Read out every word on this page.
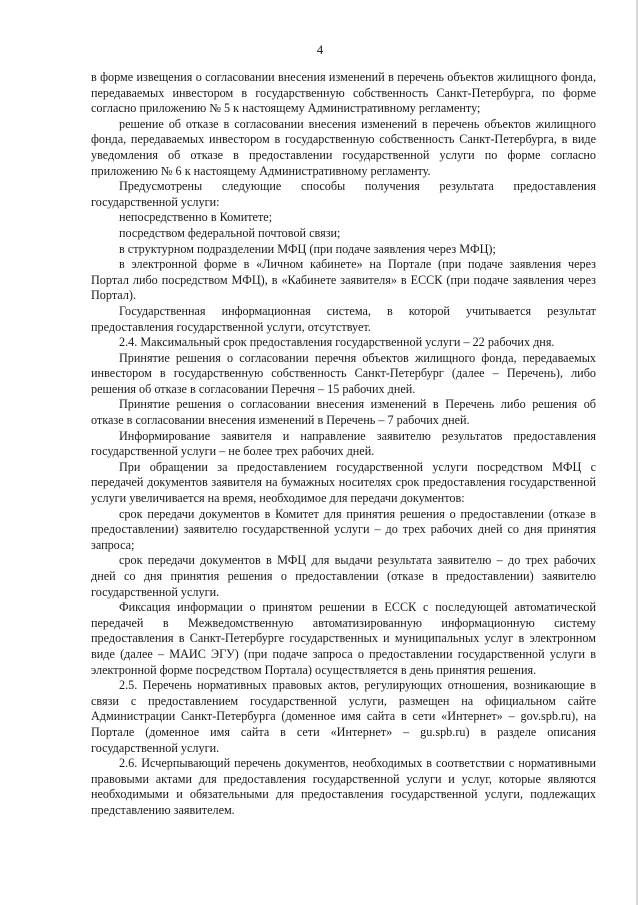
4

в форме извещения о согласовании внесения изменений в перечень объектов жилищного фонда, передаваемых инвестором в государственную собственность Санкт-Петербурга, по форме согласно приложению № 5 к настоящему Административному регламенту;

решение об отказе в согласовании внесения изменений в перечень объектов жилищного фонда, передаваемых инвестором в государственную собственность Санкт-Петербурга, в виде уведомления об отказе в предоставлении государственной услуги по форме согласно приложению № 6 к настоящему Административному регламенту.

Предусмотрены следующие способы получения результата предоставления государственной услуги:

непосредственно в Комитете;

посредством федеральной почтовой связи;

в структурном подразделении МФЦ (при подаче заявления через МФЦ);

в электронной форме в «Личном кабинете» на Портале (при подаче заявления через Портал либо посредством МФЦ), в «Кабинете заявителя» в ЕССК (при подаче заявления через Портал).

Государственная информационная система, в которой учитывается результат предоставления государственной услуги, отсутствует.

2.4. Максимальный срок предоставления государственной услуги – 22 рабочих дня.

Принятие решения о согласовании перечня объектов жилищного фонда, передаваемых инвестором в государственную собственность Санкт-Петербург (далее – Перечень), либо решения об отказе в согласовании Перечня – 15 рабочих дней.

Принятие решения о согласовании внесения изменений в Перечень либо решения об отказе в согласовании внесения изменений в Перечень – 7 рабочих дней.

Информирование заявителя и направление заявителю результатов предоставления государственной услуги – не более трех рабочих дней.

При обращении за предоставлением государственной услуги посредством МФЦ с передачей документов заявителя на бумажных носителях срок предоставления государственной услуги увеличивается на время, необходимое для передачи документов:

срок передачи документов в Комитет для принятия решения о предоставлении (отказе в предоставлении) заявителю государственной услуги – до трех рабочих дней со дня принятия запроса;

срок передачи документов в МФЦ для выдачи результата заявителю – до трех рабочих дней со дня принятия решения о предоставлении (отказе в предоставлении) заявителю государственной услуги.

Фиксация информации о принятом решении в ЕССК с последующей автоматической передачей в Межведомственную автоматизированную информационную систему предоставления в Санкт-Петербурге государственных и муниципальных услуг в электронном виде (далее – МАИС ЭГУ) (при подаче запроса о предоставлении государственной услуги в электронной форме посредством Портала) осуществляется в день принятия решения.

2.5. Перечень нормативных правовых актов, регулирующих отношения, возникающие в связи с предоставлением государственной услуги, размещен на официальном сайте Администрации Санкт-Петербурга (доменное имя сайта в сети «Интернет» – gov.spb.ru), на Портале (доменное имя сайта в сети «Интернет» – gu.spb.ru) в разделе описания государственной услуги.

2.6. Исчерпывающий перечень документов, необходимых в соответствии с нормативными правовыми актами для предоставления государственной услуги и услуг, которые являются необходимыми и обязательными для предоставления государственной услуги, подлежащих представлению заявителем.
